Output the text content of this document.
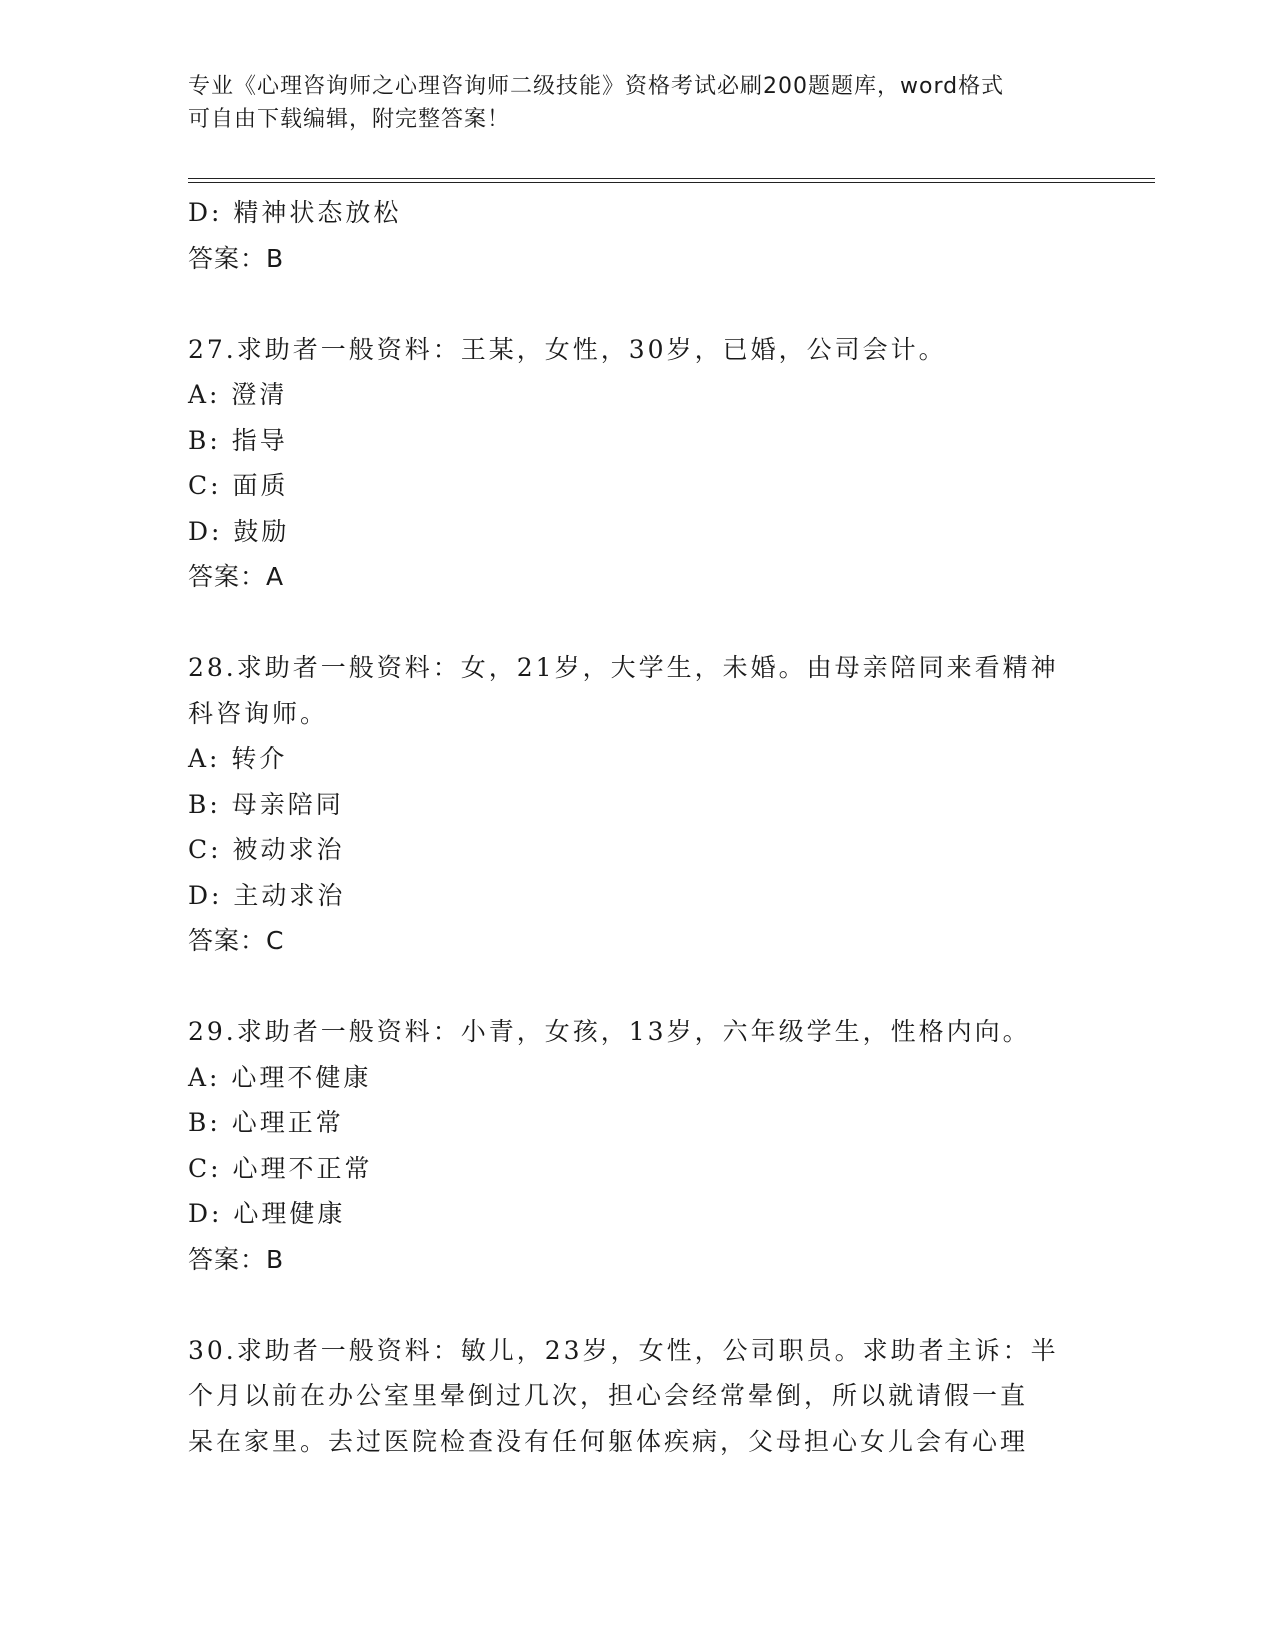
专业《心理咨询师之心理咨询师二级技能》资格考试必刷200题题库，word格式
可自由下载编辑，附完整答案！
D: 精神状态放松
答案：B
27.求助者一般资料：王某，女性，30岁，已婚，公司会计。
A: 澄清
B: 指导
C: 面质
D: 鼓励
答案：A
28.求助者一般资料：女，21岁，大学生，未婚。由母亲陪同来看精神
科咨询师。
A: 转介
B: 母亲陪同
C: 被动求治
D: 主动求治
答案：C
29.求助者一般资料：小青，女孩，13岁，六年级学生，性格内向。
A: 心理不健康
B: 心理正常
C: 心理不正常
D: 心理健康
答案：B
30.求助者一般资料：敏儿，23岁，女性，公司职员。求助者主诉：半
个月以前在办公室里晕倒过几次，担心会经常晕倒，所以就请假一直
呆在家里。去过医院检查没有任何躯体疾病，父母担心女儿会有心理
